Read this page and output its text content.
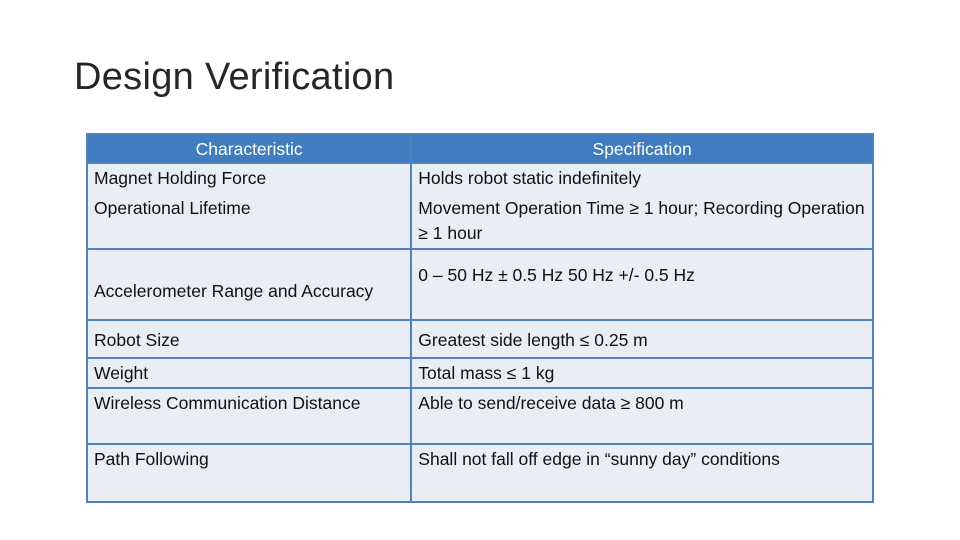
Design Verification
Characteristic	Specification
Magnet Holding Force	Holds robot static indefinitely
Operational Lifetime	Movement Operation Time ≥ 1 hour; Recording Operation ≥ 1 hour
Accelerometer Range and Accuracy	0 – 50 Hz ± 0.5 Hz 50 Hz +/- 0.5 Hz
Robot Size	Greatest side length ≤ 0.25 m
Weight	Total mass ≤ 1 kg
Wireless Communication Distance	Able to send/receive data ≥ 800 m
Path Following	Shall not fall off edge in “sunny day” conditions
